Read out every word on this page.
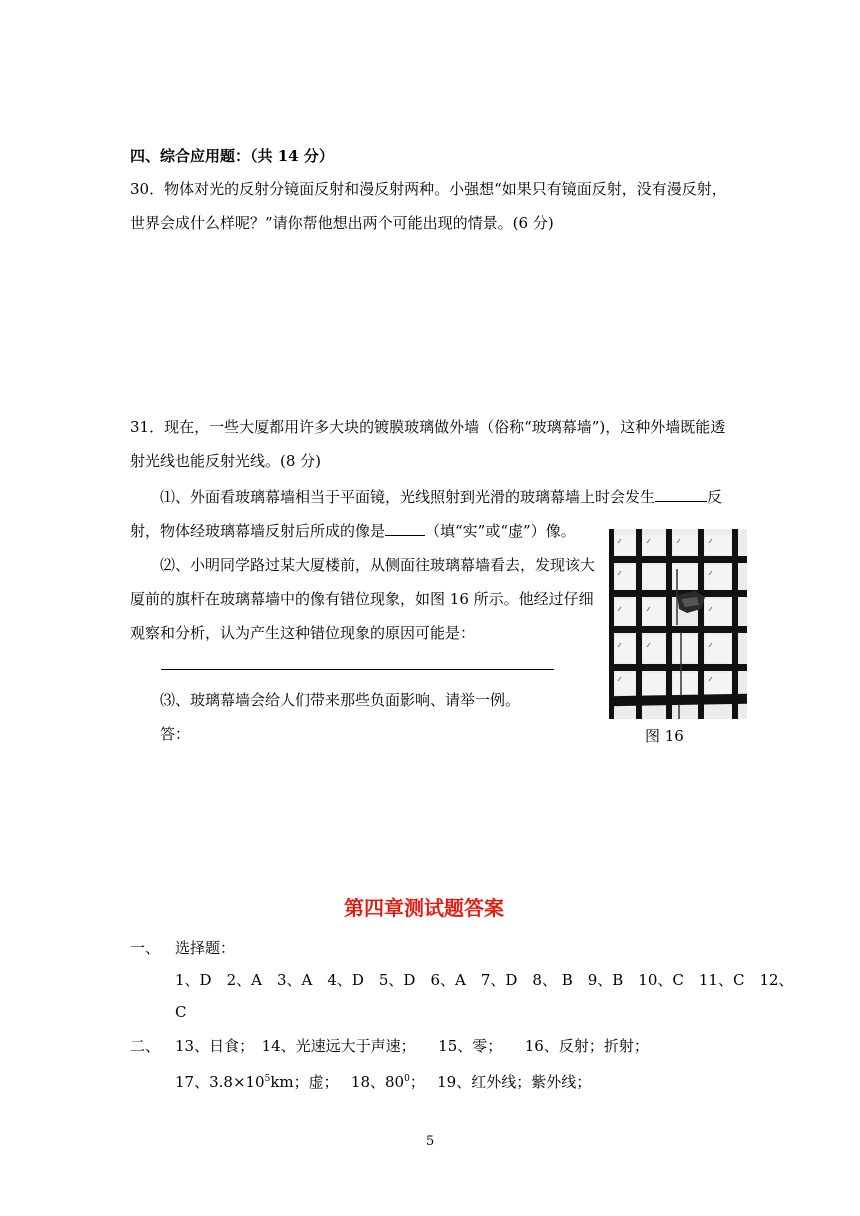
四、综合应用题：（共 14 分）
30．物体对光的反射分镜面反射和漫反射两种。小强想“如果只有镜面反射，没有漫反射，
世界会成什么样呢？”请你帮他想出两个可能出现的情景。(6 分)
31．现在，一些大厦都用许多大块的镀膜玻璃做外墙（俗称“玻璃幕墙”)，这种外墙既能透
射光线也能反射光线。(8 分)
⑴、外面看玻璃幕墙相当于平面镜，光线照射到光滑的玻璃幕墙上时会发生	反
射，物体经玻璃幕墙反射后所成的像是	（填“实”或“虚”）像。
⑵、小明同学路过某大厦楼前，从侧面往玻璃幕墙看去，发现该大
厦前的旗杆在玻璃幕墙中的像有错位现象，如图 16 所示。他经过仔细
观察和分析，认为产生这种错位现象的原因可能是：
⑶、玻璃幕墙会给人们带来那些负面影响、请举一例。
答：	图 16
第四章测试题答案
一、 选择题：
1、D　2、A　3、A　4、D　5、D　6、A　7、D　8、 B　9、B　10、C　11、C　12、
C
二、 13、日食；　14、光速远大于声速；　　15、零；　　16、反射；折射；
17、$3.8\times 10^5km$；虚；　 18、$80^0$；　 19、红外线；紫外线；
5
